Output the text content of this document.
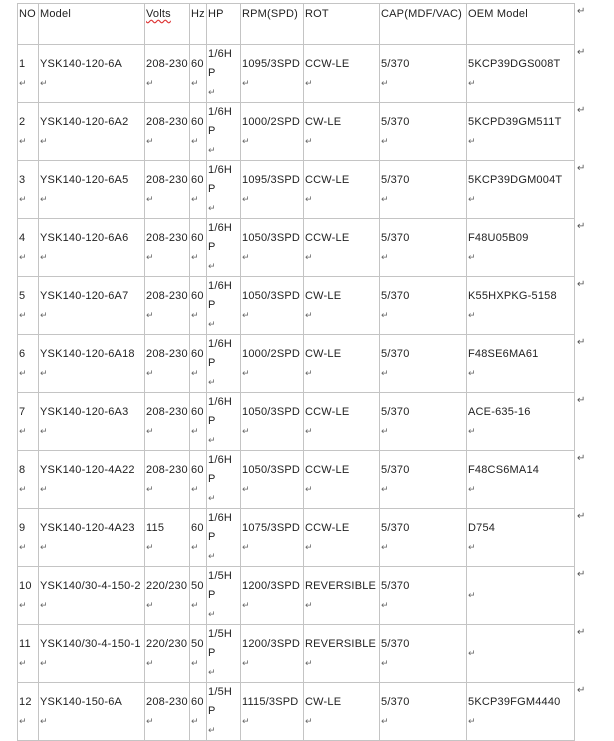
NO	Model	Volts	Hz	HP	RPM(SPD)	ROT	CAP(MDF/VAC)	OEM Model

1
↵	YSK140-120-6A
↵	208-230
↵	60
↵	1/6HP
↵	1095/3SPD
↵	CCW-LE
↵	5/370
↵	5KCP39DGS008T
↵

2
↵	YSK140-120-6A2
↵	208-230
↵	60
↵	1/6HP
↵	1000/2SPD
↵	CW-LE
↵	5/370
↵	5KCPD39GM511T
↵

3
↵	YSK140-120-6A5
↵	208-230
↵	60
↵	1/6HP
↵	1095/3SPD
↵	CCW-LE
↵	5/370
↵	5KCP39DGM004T
↵

4
↵	YSK140-120-6A6
↵	208-230
↵	60
↵	1/6HP
↵	1050/3SPD
↵	CCW-LE
↵	5/370
↵	F48U05B09
↵

5
↵	YSK140-120-6A7
↵	208-230
↵	60
↵	1/6HP
↵	1050/3SPD
↵	CW-LE
↵	5/370
↵	K55HXPKG-5158
↵

6
↵	YSK140-120-6A18
↵	208-230
↵	60
↵	1/6HP
↵	1000/2SPD
↵	CW-LE
↵	5/370
↵	F48SE6MA61
↵

7
↵	YSK140-120-6A3
↵	208-230
↵	60
↵	1/6HP
↵	1050/3SPD
↵	CCW-LE
↵	5/370
↵	ACE-635-16
↵

8
↵	YSK140-120-4A22
↵	208-230
↵	60
↵	1/6HP
↵	1050/3SPD
↵	CCW-LE
↵	5/370
↵	F48CS6MA14
↵

9
↵	YSK140-120-4A23
↵	115
↵	60
↵	1/6HP
↵	1075/3SPD
↵	CCW-LE
↵	5/370
↵	D754
↵

10
↵	YSK140/30-4-150-2
↵	220/230
↵	50
↵	1/5HP
↵	1200/3SPD
↵	REVERSIBLE
↵	5/370
↵	↵

11
↵	YSK140/30-4-150-1
↵	220/230
↵	50
↵	1/5HP
↵	1200/3SPD
↵	REVERSIBLE
↵	5/370
↵	↵

12
↵	YSK140-150-6A
↵	208-230
↵	60
↵	1/5HP
↵	1115/3SPD
↵	CW-LE
↵	5/370
↵	5KCP39FGM4440
↵
↵
↵
↵
↵
↵
↵
↵
↵
↵
↵
↵
↵
↵
